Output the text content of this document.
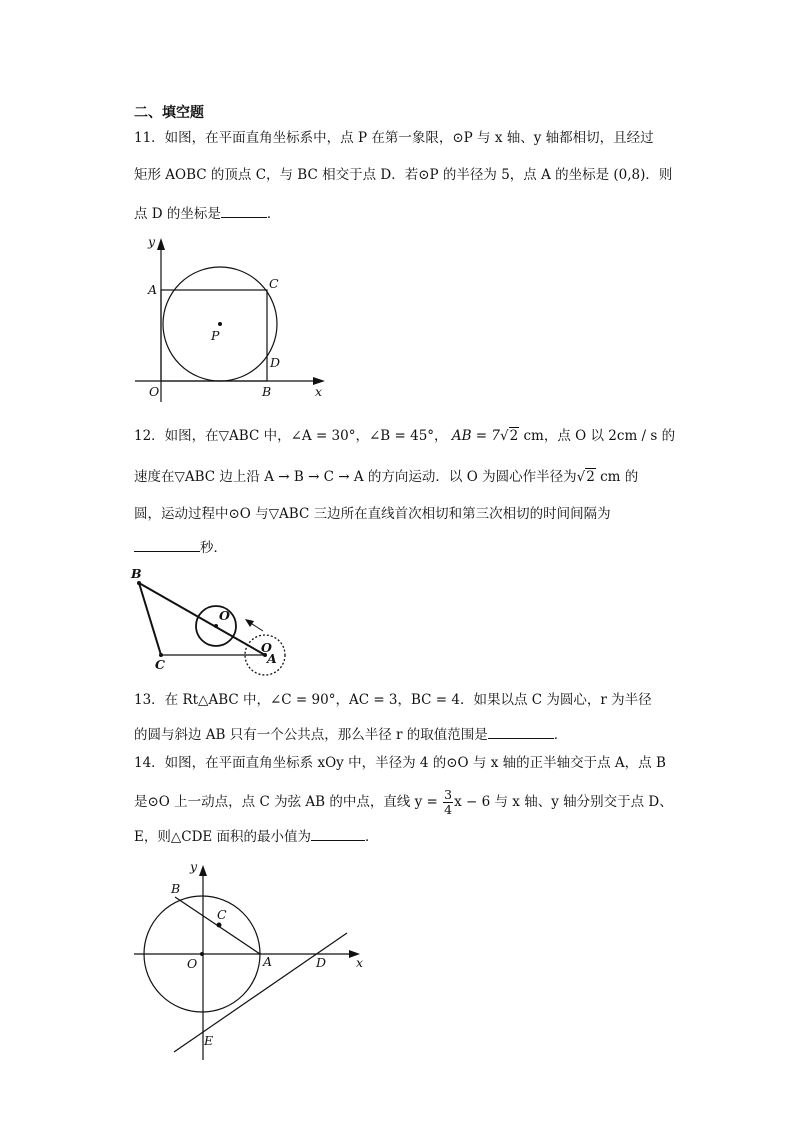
二、填空题
11．如图，在平面直角坐标系中，点 P 在第一象限，⊙P 与 x 轴、y 轴都相切，且经过
矩形 AOBC 的顶点 C，与 BC 相交于点 D．若⊙P 的半径为 5，点 A 的坐标是 (0,8)．则
点 D 的坐标是	．
y
x
A	C
P
D
O	B
12．如图，在▽ABC 中，∠A = 30°，∠B = 45°， AB = 7√2 cm，点 O 以 2cm / s 的
速度在▽ABC 边上沿 A → B → C → A 的方向运动．以 O 为圆心作半径为√2 cm 的
圆，运动过程中⊙O 与▽ABC 三边所在直线首次相切和第三次相切的时间间隔为
秒．
B
O
C
O
A
13．在 Rt△ABC 中，∠C = 90°，AC = 3，BC = 4．如果以点 C 为圆心，r 为半径
的圆与斜边 AB 只有一个公共点，那么半径 r 的取值范围是	．
14．如图，在平面直角坐标系 xOy 中，半径为 4 的⊙O 与 x 轴的正半轴交于点 A，点 B
是⊙O 上一动点，点 C 为弦 AB 的中点，直线 $y = \frac{3}{4}$ x − 6 与 x 轴、y 轴分别交于点 D、
E，则△CDE 面积的最小值为	．
y
x
B
C
O	A	D
E
